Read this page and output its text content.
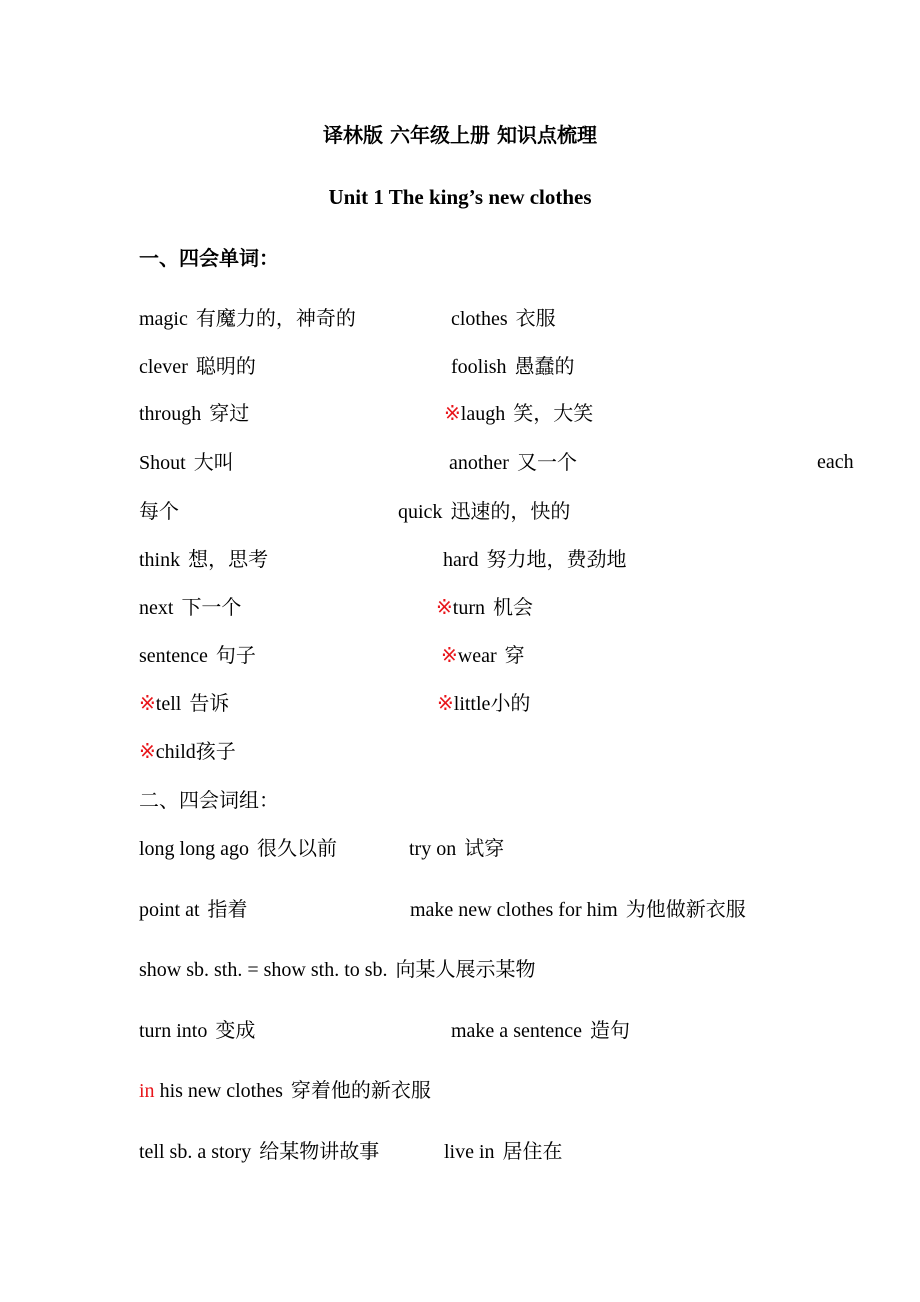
译林版 六年级上册 知识点梳理
Unit 1 The king’s new clothes
一、四会单词：
magic 有魔力的，神奇的	clothes 衣服
clever 聪明的	foolish 愚蠢的
through 穿过	※laugh 笑，大笑
Shout 大叫	another 又一个	each
每个	quick 迅速的，快的
think 想，思考	hard 努力地，费劲地
next 下一个	※turn 机会
sentence 句子	※wear 穿
※tell 告诉	※little小的
※child孩子
二、四会词组：
long long ago 很久以前	try on 试穿
point at 指着	make new clothes for him 为他做新衣服
show sb. sth. = show sth. to sb. 向某人展示某物
turn into 变成	make a sentence 造句
in his new clothes 穿着他的新衣服
tell sb. a story 给某物讲故事	live in 居住在
